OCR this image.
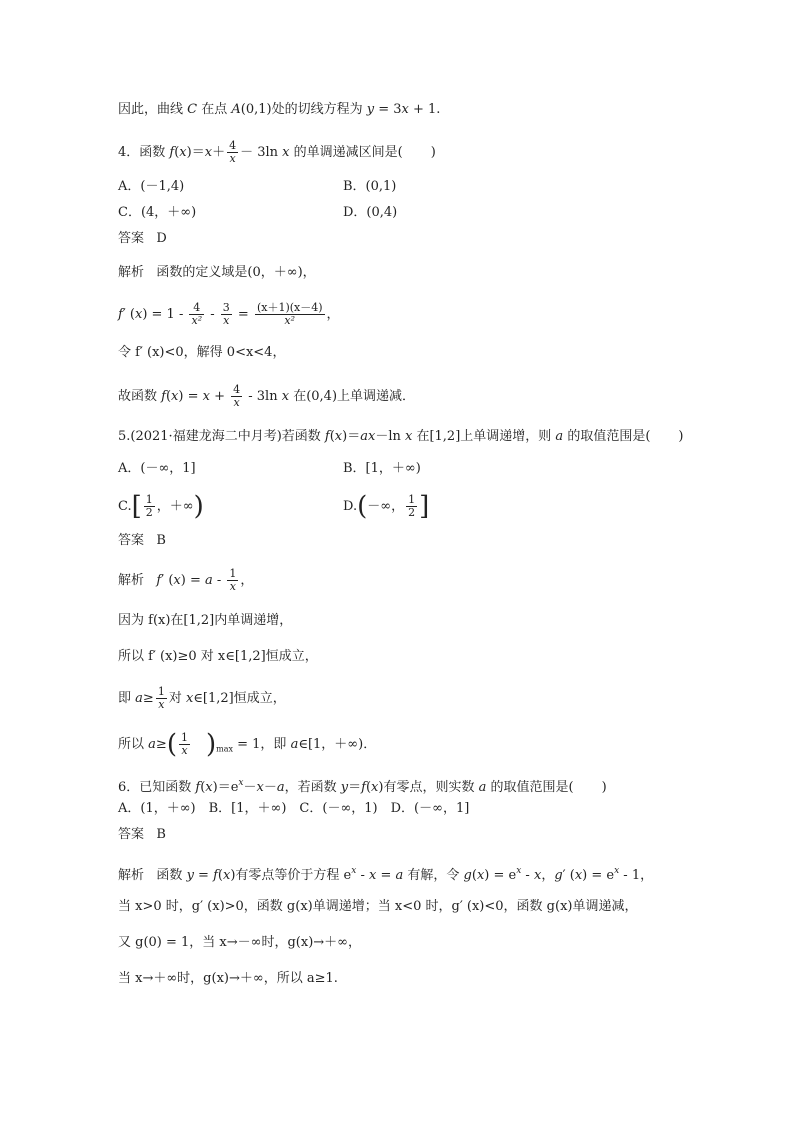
因此，曲线 C 在点 A(0,1)处的切线方程为 y = 3x + 1.
4．函数 $f(x)=x+ \frac{4}{x} - 3\ln$ x 的单调递减区间是( )
A．(－1,4)	B．(0,1)
C．(4，＋∞)	D．(0,4)
答案 D
解析 函数的定义域是(0，＋∞)，
f′ $(x) = 1 - \frac{4}{\text{x²}} - \frac{3}{x} = \frac{(x+1)(x-4)}{\text{x²}}$ ，
令 f′ (x)<0，解得 0<x<4，
故函数 $f(x) = x + \frac{4}{x} - 3\ln$ x 在(0,4)上单调递减．
5.(2021·福建龙海二中月考)若函数 f(x)＝ax－ln x 在[1,2]上单调递增，则 a 的取值范围是( )
A．(－∞，1]	B．[1，＋∞)
$C.[ \frac{1}{2}$ ，＋∞)	D.(－∞， $\frac{1}{2}$ ]
答案 B
解析 f′ $(x) = a - \frac{1}{x}$ ，
因为 f(x)在[1,2]内单调递增，
所以 f′ (x)≥0 对 x∈[1,2]恒成立，
即 $a\ge \frac{1}{x}$ 对 x∈[1,2]恒成立，
所以 $a\ge( \frac{1}{x} )_{max} = 1$，即 a∈[1，＋∞)．
6．已知函数 $f(x)=e^x-x-a$，若函数 y＝f(x)有零点，则实数 a 的取值范围是( )
A．(1，＋∞)　B．[1，＋∞)　C．(－∞，1)　D．(－∞，1]
答案 B
解析 函数 y = f(x)有零点等价于方程 $e^x - x = a$ 有解，令 $g(x) = e^x - x$，g′ $(x) = e^x - 1$，
当 x>0 时，g′ (x)>0，函数 g(x)单调递增；当 x<0 时，g′ (x)<0，函数 g(x)单调递减，
又 g(0) = 1，当 x→－∞时，g(x)→＋∞，
当 x→＋∞时，g(x)→＋∞，所以 a≥1.
